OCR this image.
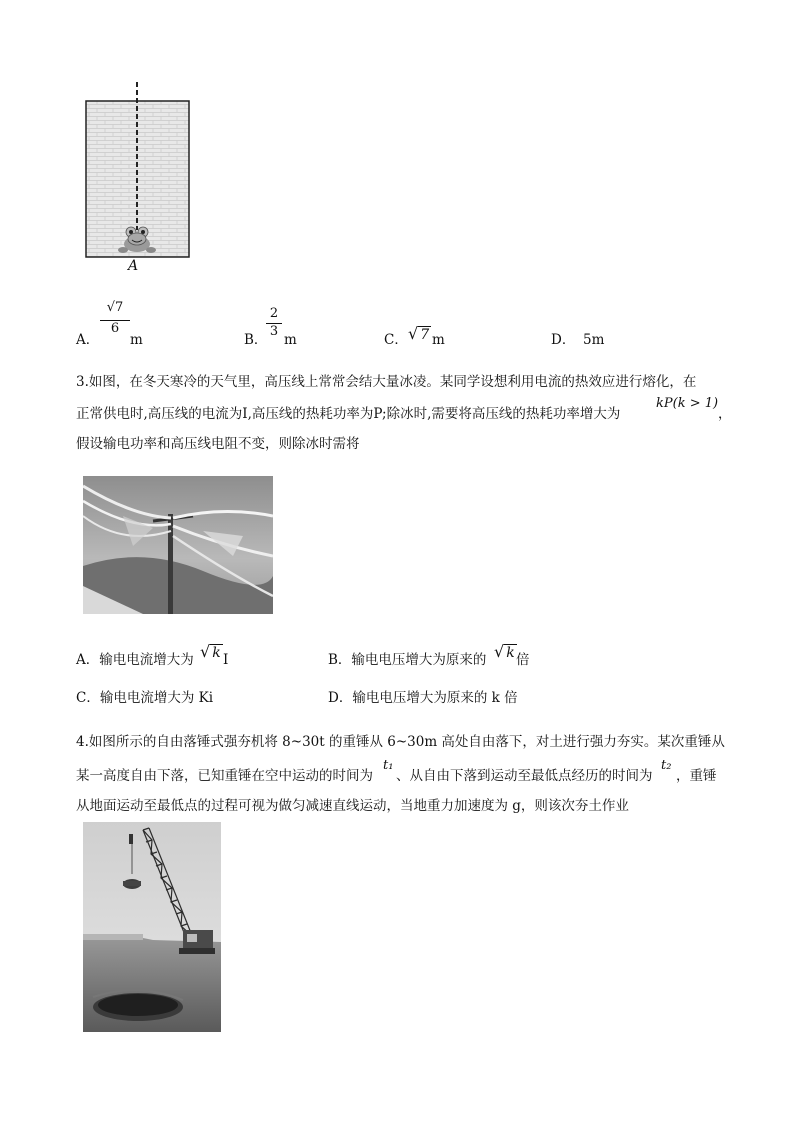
A
A．
$\frac{√7}{6}$
m	B．
$\frac{2}{3}$ m	C． √ 7 m	D． 5m
3.如图，在冬天寒冷的天气里，高压线上常常会结大量冰凌。某同学设想利用电流的热效应进行熔化，在
正常供电时,高压线的电流为I,高压线的热耗功率为P;除冰时,需要将高压线的热耗功率增大为
kP(k > 1)
，
假设输电功率和高压线电阻不变，则除冰时需将
A．输电电流增大为 √ k I	B．输电电压增大为原来的 √ k 倍
C．输电电流增大为 Ki	D．输电电压增大为原来的 k 倍
4.如图所示的自由落锤式强夯机将 8~30t 的重锤从 6~30m 高处自由落下，对土进行强力夯实。某次重锤从
某一高度自由下落，已知重锤在空中运动的时间为
t₁
、从自由下落到运动至最低点经历的时间为
t₂
，重锤
从地面运动至最低点的过程可视为做匀减速直线运动，当地重力加速度为 g，则该次夯土作业
